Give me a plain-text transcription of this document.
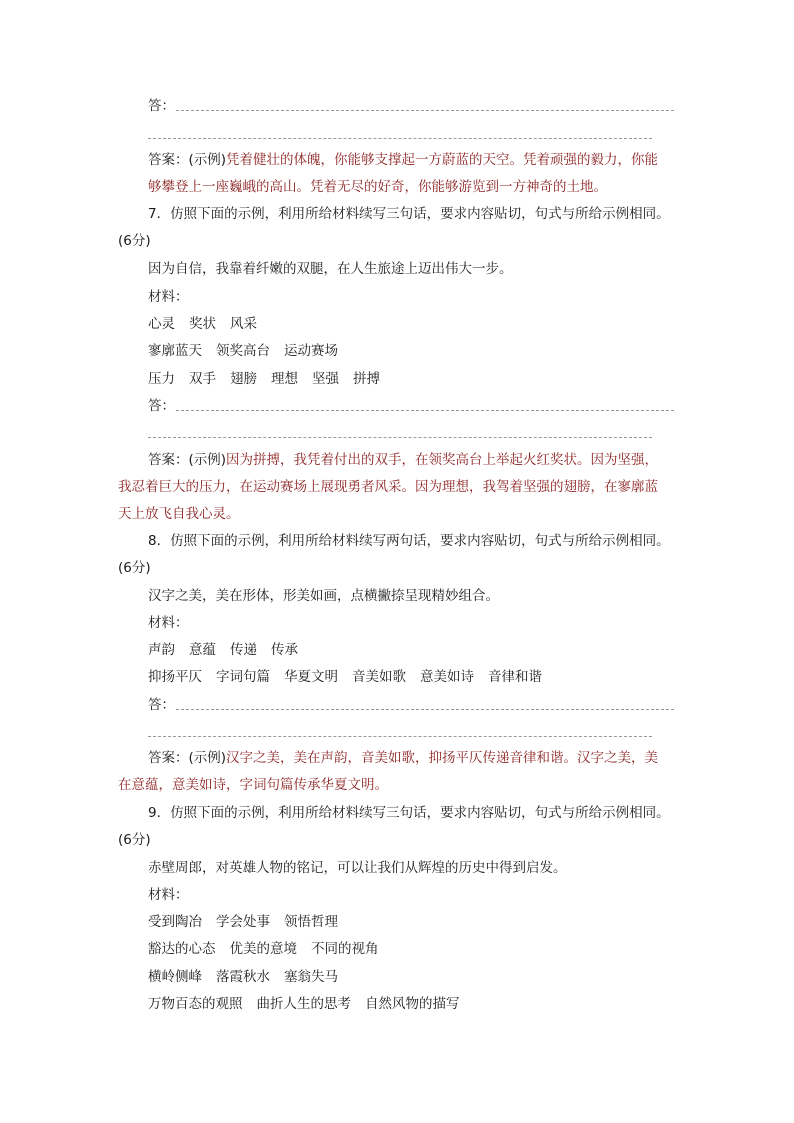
答：
答案：(示例)凭着健壮的体魄，你能够支撑起一方蔚蓝的天空。凭着顽强的毅力，你能
够攀登上一座巍峨的高山。凭着无尽的好奇，你能够游览到一方神奇的土地。
7．仿照下面的示例，利用所给材料续写三句话，要求内容贴切，句式与所给示例相同。
(6分)
因为自信，我靠着纤嫩的双腿，在人生旅途上迈出伟大一步。
材料：
心灵 奖状 风采
寥廓蓝天 领奖高台 运动赛场
压力 双手 翅膀 理想 坚强 拼搏
答：
答案：(示例)因为拼搏，我凭着付出的双手，在领奖高台上举起火红奖状。因为坚强，
我忍着巨大的压力，在运动赛场上展现勇者风采。因为理想，我驾着坚强的翅膀，在寥廓蓝
天上放飞自我心灵。
8．仿照下面的示例，利用所给材料续写两句话，要求内容贴切，句式与所给示例相同。
(6分)
汉字之美，美在形体，形美如画，点横撇捺呈现精妙组合。
材料：
声韵 意蕴 传递 传承
抑扬平仄 字词句篇 华夏文明 音美如歌 意美如诗 音律和谐
答：
答案：(示例)汉字之美，美在声韵，音美如歌，抑扬平仄传递音律和谐。汉字之美，美
在意蕴，意美如诗，字词句篇传承华夏文明。
9．仿照下面的示例，利用所给材料续写三句话，要求内容贴切，句式与所给示例相同。
(6分)
赤壁周郎，对英雄人物的铭记，可以让我们从辉煌的历史中得到启发。
材料：
受到陶冶 学会处事 领悟哲理
豁达的心态 优美的意境 不同的视角
横岭侧峰 落霞秋水 塞翁失马
万物百态的观照 曲折人生的思考 自然风物的描写
